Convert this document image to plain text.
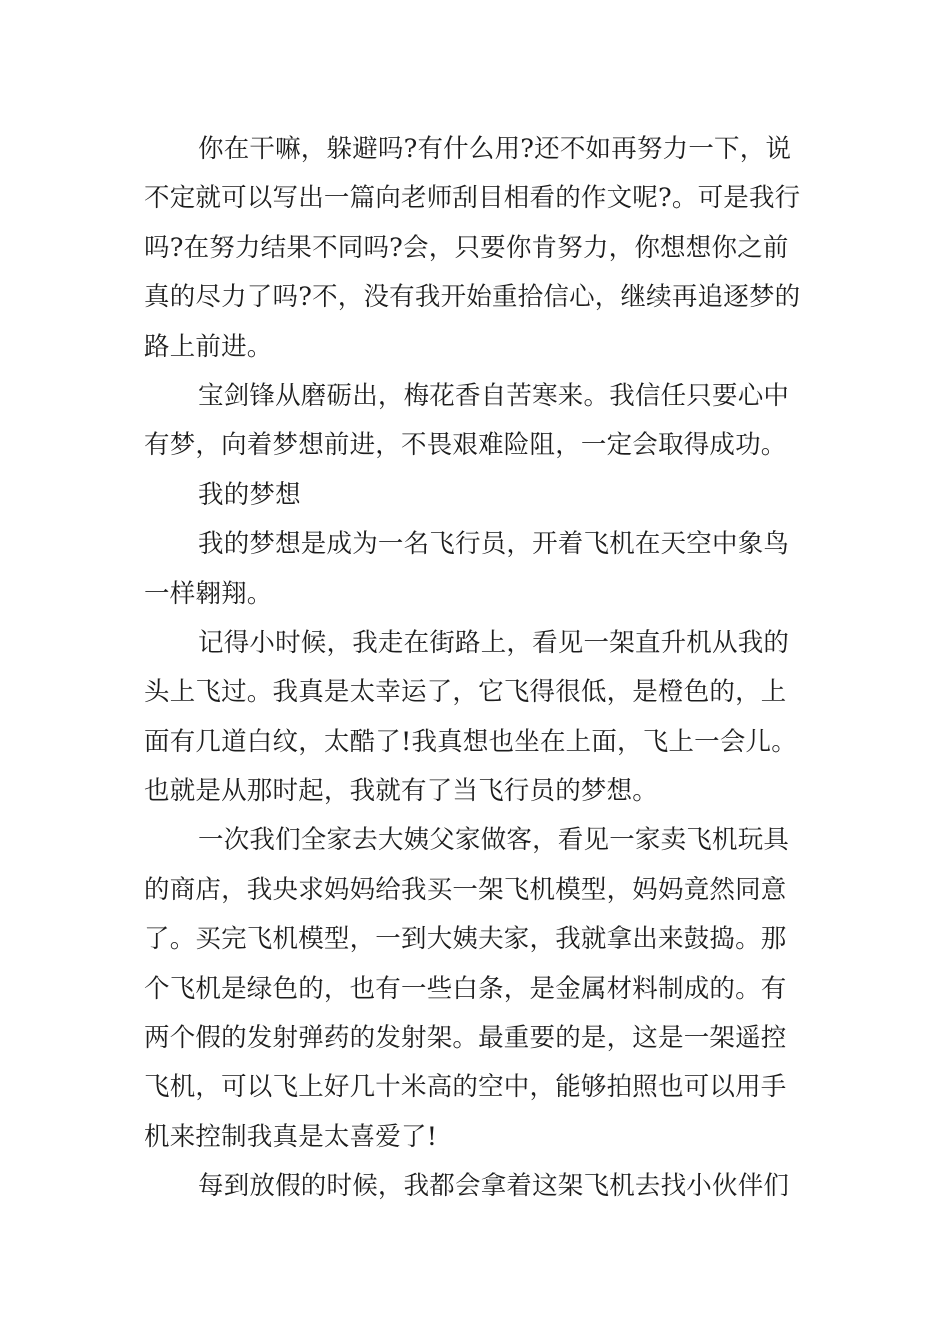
你在干嘛，躲避吗?有什么用?还不如再努力一下，说
不定就可以写出一篇向老师刮目相看的作文呢?。可是我行
吗?在努力结果不同吗?会，只要你肯努力，你想想你之前
真的尽力了吗?不，没有我开始重拾信心，继续再追逐梦的
路上前进。
宝剑锋从磨砺出，梅花香自苦寒来。我信任只要心中
有梦，向着梦想前进，不畏艰难险阻，一定会取得成功。
我的梦想
我的梦想是成为一名飞行员，开着飞机在天空中象鸟
一样翱翔。
记得小时候，我走在街路上，看见一架直升机从我的
头上飞过。我真是太幸运了，它飞得很低，是橙色的，上
面有几道白纹，太酷了!我真想也坐在上面，飞上一会儿。
也就是从那时起，我就有了当飞行员的梦想。
一次我们全家去大姨父家做客，看见一家卖飞机玩具
的商店，我央求妈妈给我买一架飞机模型，妈妈竟然同意
了。买完飞机模型，一到大姨夫家，我就拿出来鼓捣。那
个飞机是绿色的，也有一些白条，是金属材料制成的。有
两个假的发射弹药的发射架。最重要的是，这是一架遥控
飞机，可以飞上好几十米高的空中，能够拍照也可以用手
机来控制我真是太喜爱了!
每到放假的时候，我都会拿着这架飞机去找小伙伴们
